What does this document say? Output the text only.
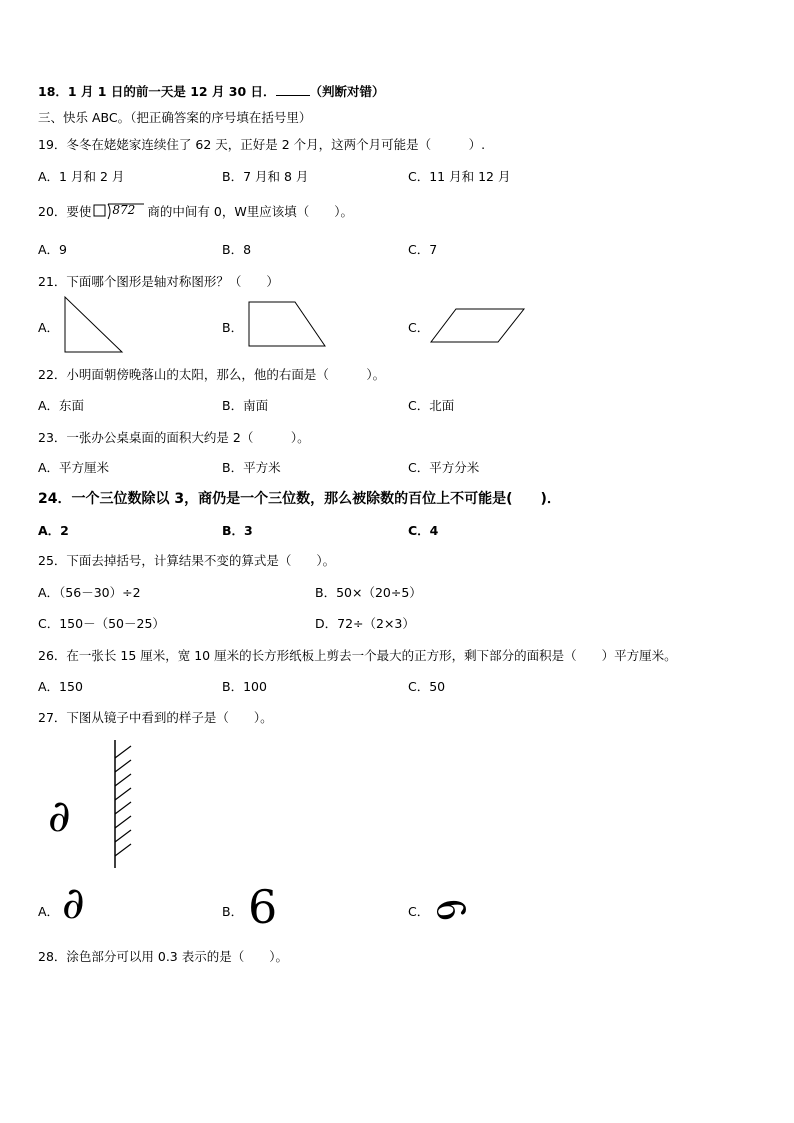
18．1 月 1 日的前一天是 12 月 30 日．	（判断对错）
三、快乐 ABC。（把正确答案的序号填在括号里）
19．冬冬在姥姥家连续住了 62 天，正好是 2 个月，这两个月可能是（　　　）.
A．1 月和 2 月	B．7 月和 8 月	C．11 月和 12 月
20．要使 872 商的中间有 0，W里应该填（　　）。
A．9	B．8	C．7
21．下面哪个图形是轴对称图形？（　　）
A．	B．	C．
22．小明面朝傍晚落山的太阳，那么，他的右面是（　　　）。
A．东面	B．南面	C．北面
23．一张办公桌桌面的面积大约是 2（　　　）。
A．平方厘米	B．平方米	C．平方分米
24．一个三位数除以 3，商仍是一个三位数，那么被除数的百位上不可能是(　　)．
A．2	B．3	C．4
25．下面去掉括号，计算结果不变的算式是（　　）。
A．（56－30）÷2	B．50×（20÷5）
C．150－（50－25）	D．72÷（2×3）
26．在一张长 15 厘米，宽 10 厘米的长方形纸板上剪去一个最大的正方形，剩下部分的面积是（　　）平方厘米。
A．150	B．100	C．50
27．下图从镜子中看到的样子是（　　）。
∂
A． ∂	B． 6	C．
∂
28．涂色部分可以用 0.3 表示的是（　　）。
